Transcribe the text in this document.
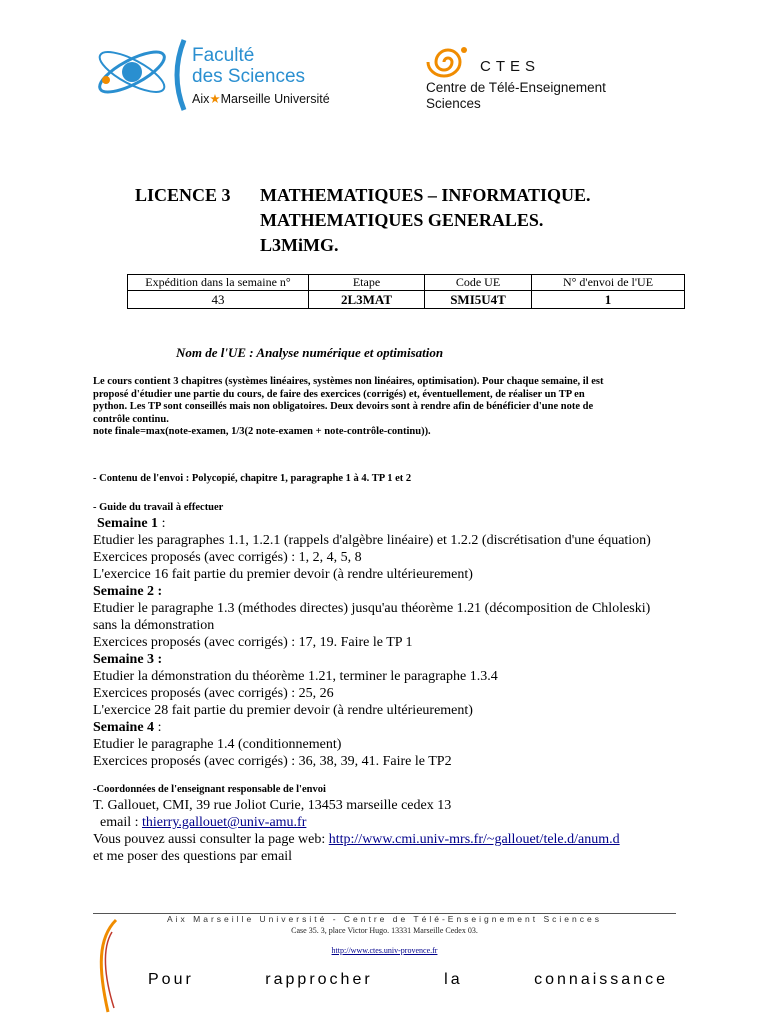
Faculté
des Sciences
Aix★Marseille Université
CTES
Centre de Télé-Enseignement
Sciences
LICENCE 3 MATHEMATIQUES – INFORMATIQUE.
MATHEMATIQUES GENERALES.
L3MiMG.
Expédition dans la semaine n°	Etape	Code UE	N° d'envoi de l'UE
43	2L3MAT	SMI5U4T	1
Nom de l'UE : Analyse numérique et optimisation
Le cours contient 3 chapitres (systèmes linéaires, systèmes non linéaires, optimisation). Pour chaque semaine, il est
proposé d'étudier une partie du cours, de faire des exercices (corrigés) et, éventuellement, de réaliser un TP en
python. Les TP sont conseillés mais non obligatoires. Deux devoirs sont à rendre afin de bénéficier d'une note de
contrôle continu.
note finale=max(note-examen, 1/3(2 note-examen + note-contrôle-continu)).
- Contenu de l'envoi : Polycopié, chapitre 1, paragraphe 1 à 4. TP 1 et 2
- Guide du travail à effectuer
Semaine 1 :
Etudier les paragraphes 1.1, 1.2.1 (rappels d'algèbre linéaire) et 1.2.2 (discrétisation d'une équation)
Exercices proposés (avec corrigés) : 1, 2, 4, 5, 8
L'exercice 16 fait partie du premier devoir (à rendre ultérieurement)
Semaine 2 :
Etudier le paragraphe 1.3 (méthodes directes) jusqu'au théorème 1.21 (décomposition de Chloleski)
sans la démonstration
Exercices proposés (avec corrigés) : 17, 19. Faire le TP 1
Semaine 3 :
Etudier la démonstration du théorème 1.21, terminer le paragraphe 1.3.4
Exercices proposés (avec corrigés) : 25, 26
L'exercice 28 fait partie du premier devoir (à rendre ultérieurement)
Semaine 4 :
Etudier le paragraphe 1.4 (conditionnement)
Exercices proposés (avec corrigés) : 36, 38, 39, 41. Faire le TP2
-Coordonnées de l'enseignant responsable de l'envoi
T. Gallouet, CMI, 39 rue Joliot Curie, 13453 marseille cedex 13
email : thierry.gallouet@univ-amu.fr
Vous pouvez aussi consulter la page web: http://www.cmi.univ-mrs.fr/~gallouet/tele.d/anum.d
et me poser des questions par email
Aix Marseille Université - Centre de Télé-Enseignement Sciences
Case 35. 3, place Victor Hugo. 13331 Marseille Cedex 03.
http://www.ctes.univ-provence.fr
Pour	rapprocher	la	connaissance
